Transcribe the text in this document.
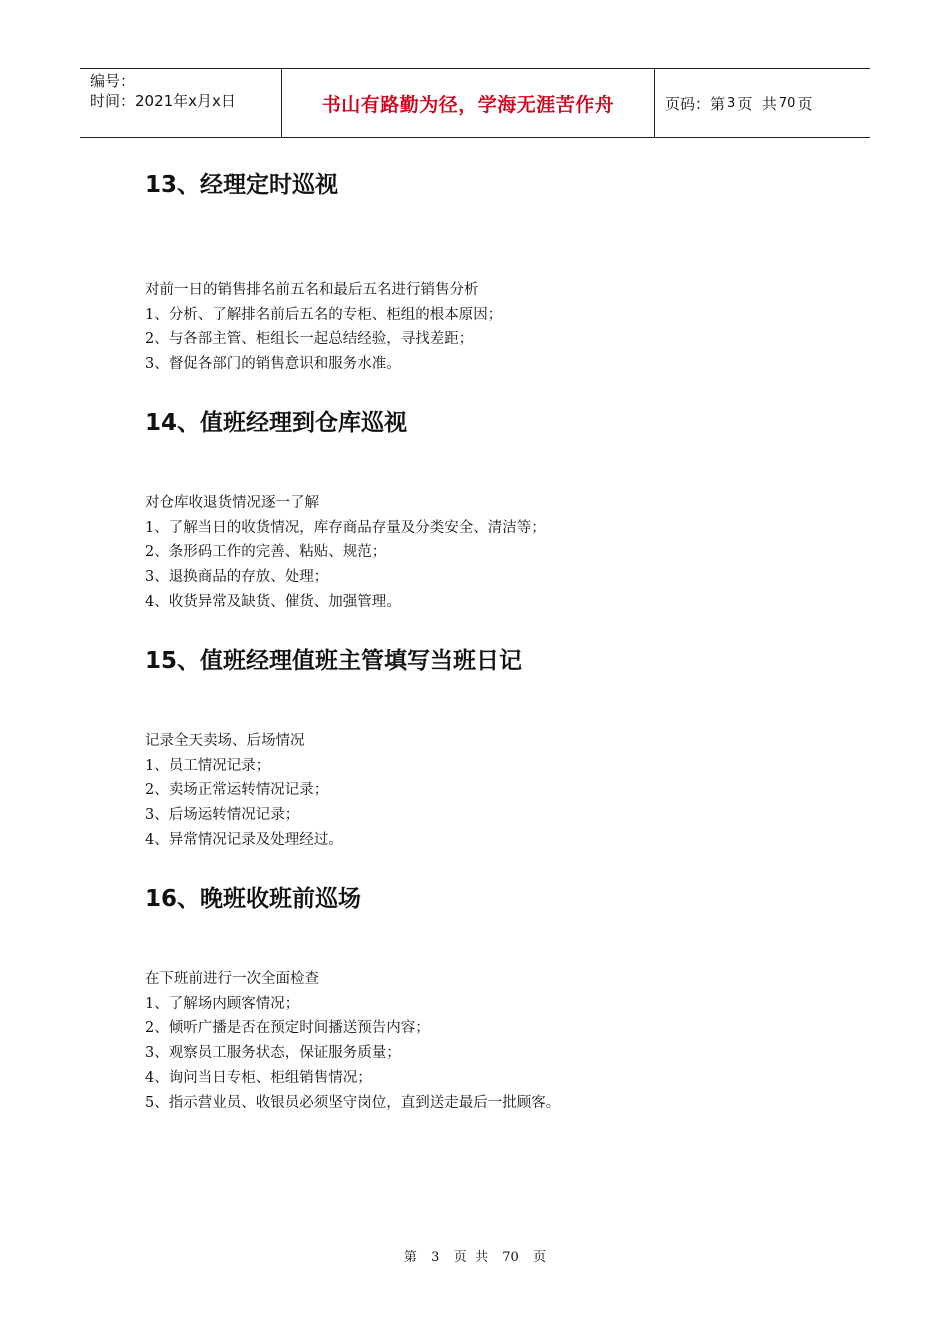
编号：
时间：2021年x月x日	书山有路勤为径，学海无涯苦作舟	页码：第 3 页  共 70 页
13、经理定时巡视
对前一日的销售排名前五名和最后五名进行销售分析
1、分析、了解排名前后五名的专柜、柜组的根本原因；
2、与各部主管、柜组长一起总结经验，寻找差距；
3、督促各部门的销售意识和服务水准。
14、值班经理到仓库巡视
对仓库收退货情况逐一了解
1、了解当日的收货情况，库存商品存量及分类安全、清洁等；
2、条形码工作的完善、粘贴、规范；
3、退换商品的存放、处理；
4、收货异常及缺货、催货、加强管理。
15、值班经理值班主管填写当班日记
记录全天卖场、后场情况
1、员工情况记录；
2、卖场正常运转情况记录；
3、后场运转情况记录；
4、异常情况记录及处理经过。
16、晚班收班前巡场
在下班前进行一次全面检查
1、了解场内顾客情况；
2、倾听广播是否在预定时间播送预告内容；
3、观察员工服务状态，保证服务质量；
4、询问当日专柜、柜组销售情况；
5、指示营业员、收银员必须坚守岗位，直到送走最后一批顾客。
第 3 页  共 70 页
